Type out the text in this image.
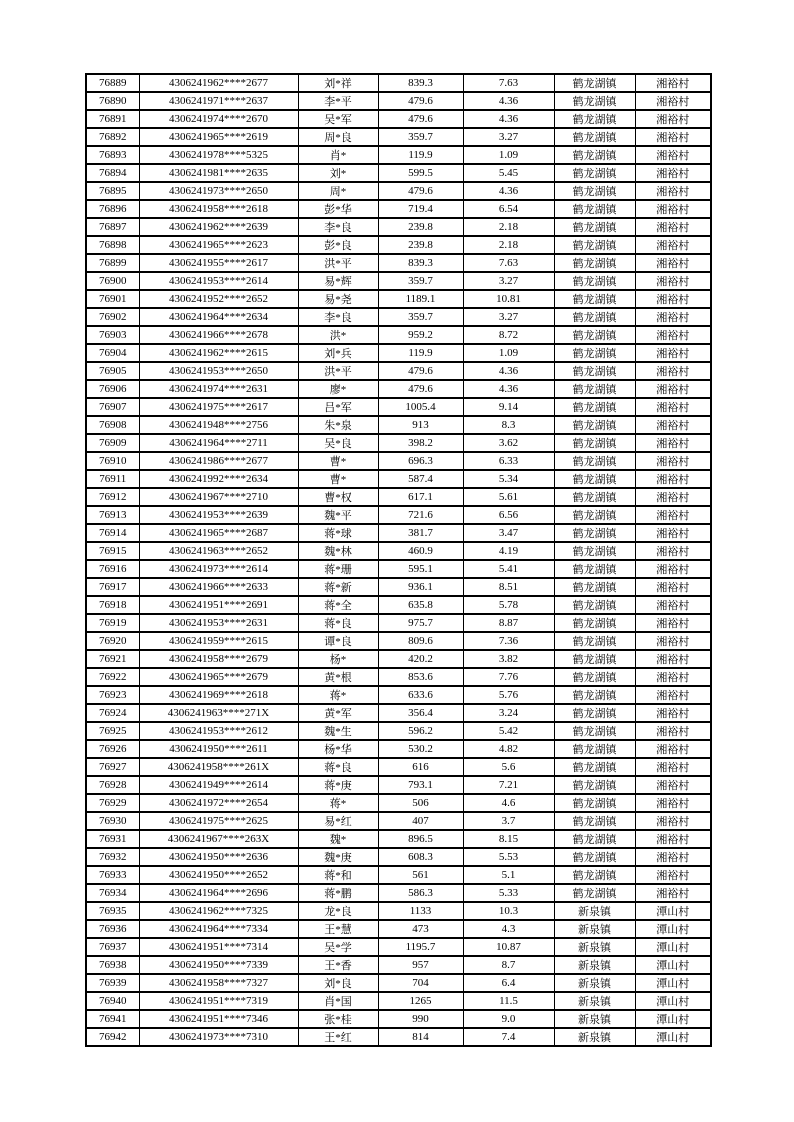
76889	4306241962****2677	刘*祥	839.3	7.63	鹤龙湖镇	湘裕村
76890	4306241971****2637	李*平	479.6	4.36	鹤龙湖镇	湘裕村
76891	4306241974****2670	吴*军	479.6	4.36	鹤龙湖镇	湘裕村
76892	4306241965****2619	周*良	359.7	3.27	鹤龙湖镇	湘裕村
76893	4306241978****5325	肖*	119.9	1.09	鹤龙湖镇	湘裕村
76894	4306241981****2635	刘*	599.5	5.45	鹤龙湖镇	湘裕村
76895	4306241973****2650	周*	479.6	4.36	鹤龙湖镇	湘裕村
76896	4306241958****2618	彭*华	719.4	6.54	鹤龙湖镇	湘裕村
76897	4306241962****2639	李*良	239.8	2.18	鹤龙湖镇	湘裕村
76898	4306241965****2623	彭*良	239.8	2.18	鹤龙湖镇	湘裕村
76899	4306241955****2617	洪*平	839.3	7.63	鹤龙湖镇	湘裕村
76900	4306241953****2614	易*辉	359.7	3.27	鹤龙湖镇	湘裕村
76901	4306241952****2652	易*尧	1189.1	10.81	鹤龙湖镇	湘裕村
76902	4306241964****2634	李*良	359.7	3.27	鹤龙湖镇	湘裕村
76903	4306241966****2678	洪*	959.2	8.72	鹤龙湖镇	湘裕村
76904	4306241962****2615	刘*兵	119.9	1.09	鹤龙湖镇	湘裕村
76905	4306241953****2650	洪*平	479.6	4.36	鹤龙湖镇	湘裕村
76906	4306241974****2631	廖*	479.6	4.36	鹤龙湖镇	湘裕村
76907	4306241975****2617	吕*军	1005.4	9.14	鹤龙湖镇	湘裕村
76908	4306241948****2756	朱*泉	913	8.3	鹤龙湖镇	湘裕村
76909	4306241964****2711	吴*良	398.2	3.62	鹤龙湖镇	湘裕村
76910	4306241986****2677	曹*	696.3	6.33	鹤龙湖镇	湘裕村
76911	4306241992****2634	曹*	587.4	5.34	鹤龙湖镇	湘裕村
76912	4306241967****2710	曹*权	617.1	5.61	鹤龙湖镇	湘裕村
76913	4306241953****2639	魏*平	721.6	6.56	鹤龙湖镇	湘裕村
76914	4306241965****2687	蒋*球	381.7	3.47	鹤龙湖镇	湘裕村
76915	4306241963****2652	魏*林	460.9	4.19	鹤龙湖镇	湘裕村
76916	4306241973****2614	蒋*珊	595.1	5.41	鹤龙湖镇	湘裕村
76917	4306241966****2633	蒋*新	936.1	8.51	鹤龙湖镇	湘裕村
76918	4306241951****2691	蒋*全	635.8	5.78	鹤龙湖镇	湘裕村
76919	4306241953****2631	蒋*良	975.7	8.87	鹤龙湖镇	湘裕村
76920	4306241959****2615	谭*良	809.6	7.36	鹤龙湖镇	湘裕村
76921	4306241958****2679	杨*	420.2	3.82	鹤龙湖镇	湘裕村
76922	4306241965****2679	黄*根	853.6	7.76	鹤龙湖镇	湘裕村
76923	4306241969****2618	蒋*	633.6	5.76	鹤龙湖镇	湘裕村
76924	4306241963****271X	黄*军	356.4	3.24	鹤龙湖镇	湘裕村
76925	4306241953****2612	魏*生	596.2	5.42	鹤龙湖镇	湘裕村
76926	4306241950****2611	杨*华	530.2	4.82	鹤龙湖镇	湘裕村
76927	4306241958****261X	蒋*良	616	5.6	鹤龙湖镇	湘裕村
76928	4306241949****2614	蒋*庚	793.1	7.21	鹤龙湖镇	湘裕村
76929	4306241972****2654	蒋*	506	4.6	鹤龙湖镇	湘裕村
76930	4306241975****2625	易*红	407	3.7	鹤龙湖镇	湘裕村
76931	4306241967****263X	魏*	896.5	8.15	鹤龙湖镇	湘裕村
76932	4306241950****2636	魏*庚	608.3	5.53	鹤龙湖镇	湘裕村
76933	4306241950****2652	蒋*和	561	5.1	鹤龙湖镇	湘裕村
76934	4306241964****2696	蒋*鹏	586.3	5.33	鹤龙湖镇	湘裕村
76935	4306241962****7325	龙*良	1133	10.3	新泉镇	潭山村
76936	4306241964****7334	王*慧	473	4.3	新泉镇	潭山村
76937	4306241951****7314	吴*学	1195.7	10.87	新泉镇	潭山村
76938	4306241950****7339	王*香	957	8.7	新泉镇	潭山村
76939	4306241958****7327	刘*良	704	6.4	新泉镇	潭山村
76940	4306241951****7319	肖*国	1265	11.5	新泉镇	潭山村
76941	4306241951****7346	张*桂	990	9.0	新泉镇	潭山村
76942	4306241973****7310	王*红	814	7.4	新泉镇	潭山村
